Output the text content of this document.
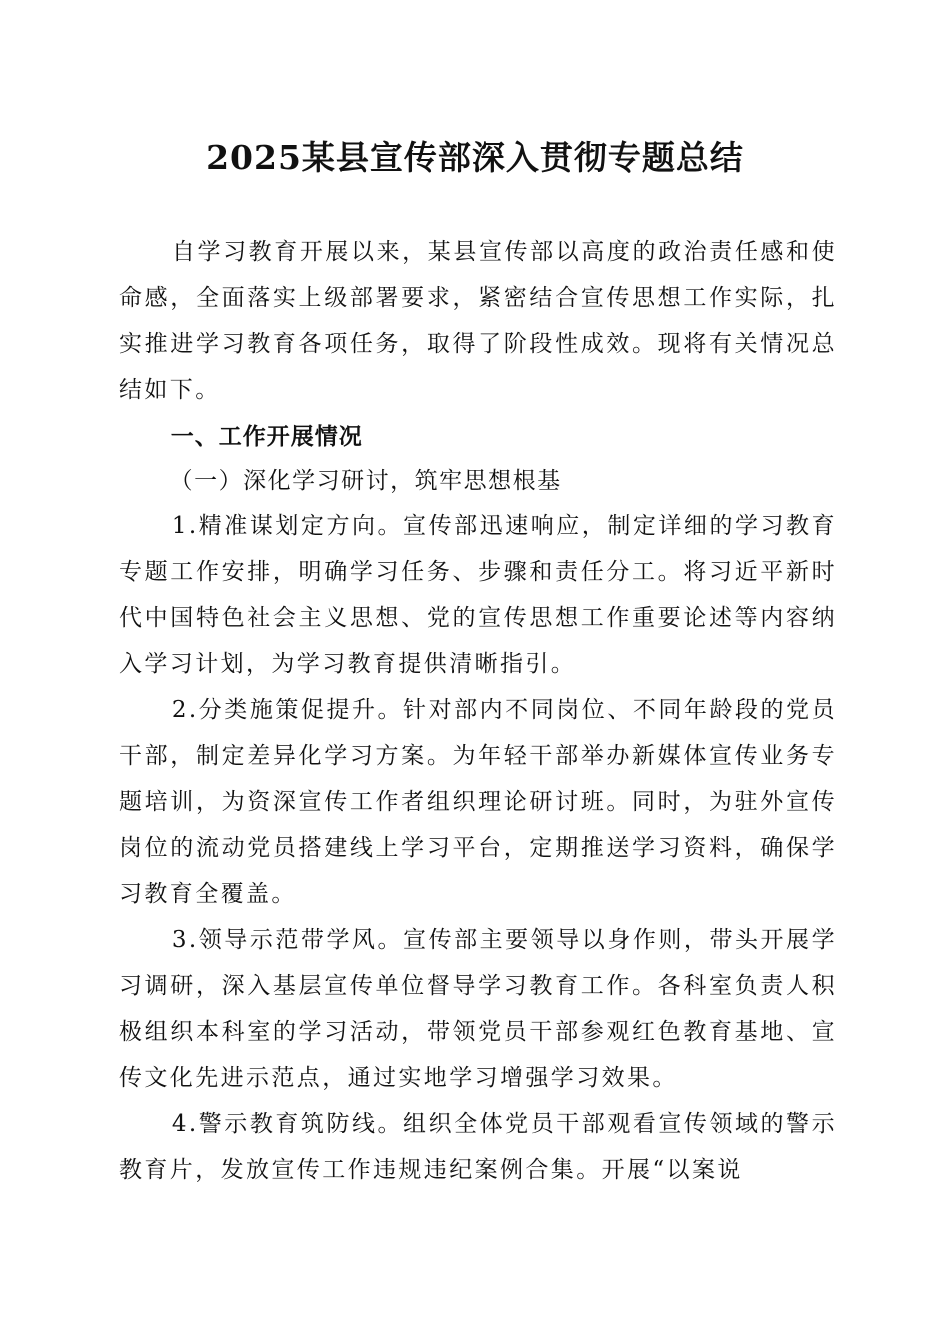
2025某县宣传部深入贯彻专题总结

自学习教育开展以来，某县宣传部以高度的政治责任感和使命感，全面落实上级部署要求，紧密结合宣传思想工作实际，扎实推进学习教育各项任务，取得了阶段性成效。现将有关情况总结如下。

一、工作开展情况

（一）深化学习研讨，筑牢思想根基

1.精准谋划定方向。宣传部迅速响应，制定详细的学习教育专题工作安排，明确学习任务、步骤和责任分工。将习近平新时代中国特色社会主义思想、党的宣传思想工作重要论述等内容纳入学习计划，为学习教育提供清晰指引。

2.分类施策促提升。针对部内不同岗位、不同年龄段的党员干部，制定差异化学习方案。为年轻干部举办新媒体宣传业务专题培训，为资深宣传工作者组织理论研讨班。同时，为驻外宣传岗位的流动党员搭建线上学习平台，定期推送学习资料，确保学习教育全覆盖。

3.领导示范带学风。宣传部主要领导以身作则，带头开展学习调研，深入基层宣传单位督导学习教育工作。各科室负责人积极组织本科室的学习活动，带领党员干部参观红色教育基地、宣传文化先进示范点，通过实地学习增强学习效果。

4.警示教育筑防线。组织全体党员干部观看宣传领域的警示教育片，发放宣传工作违规违纪案例合集。开展“以案说
